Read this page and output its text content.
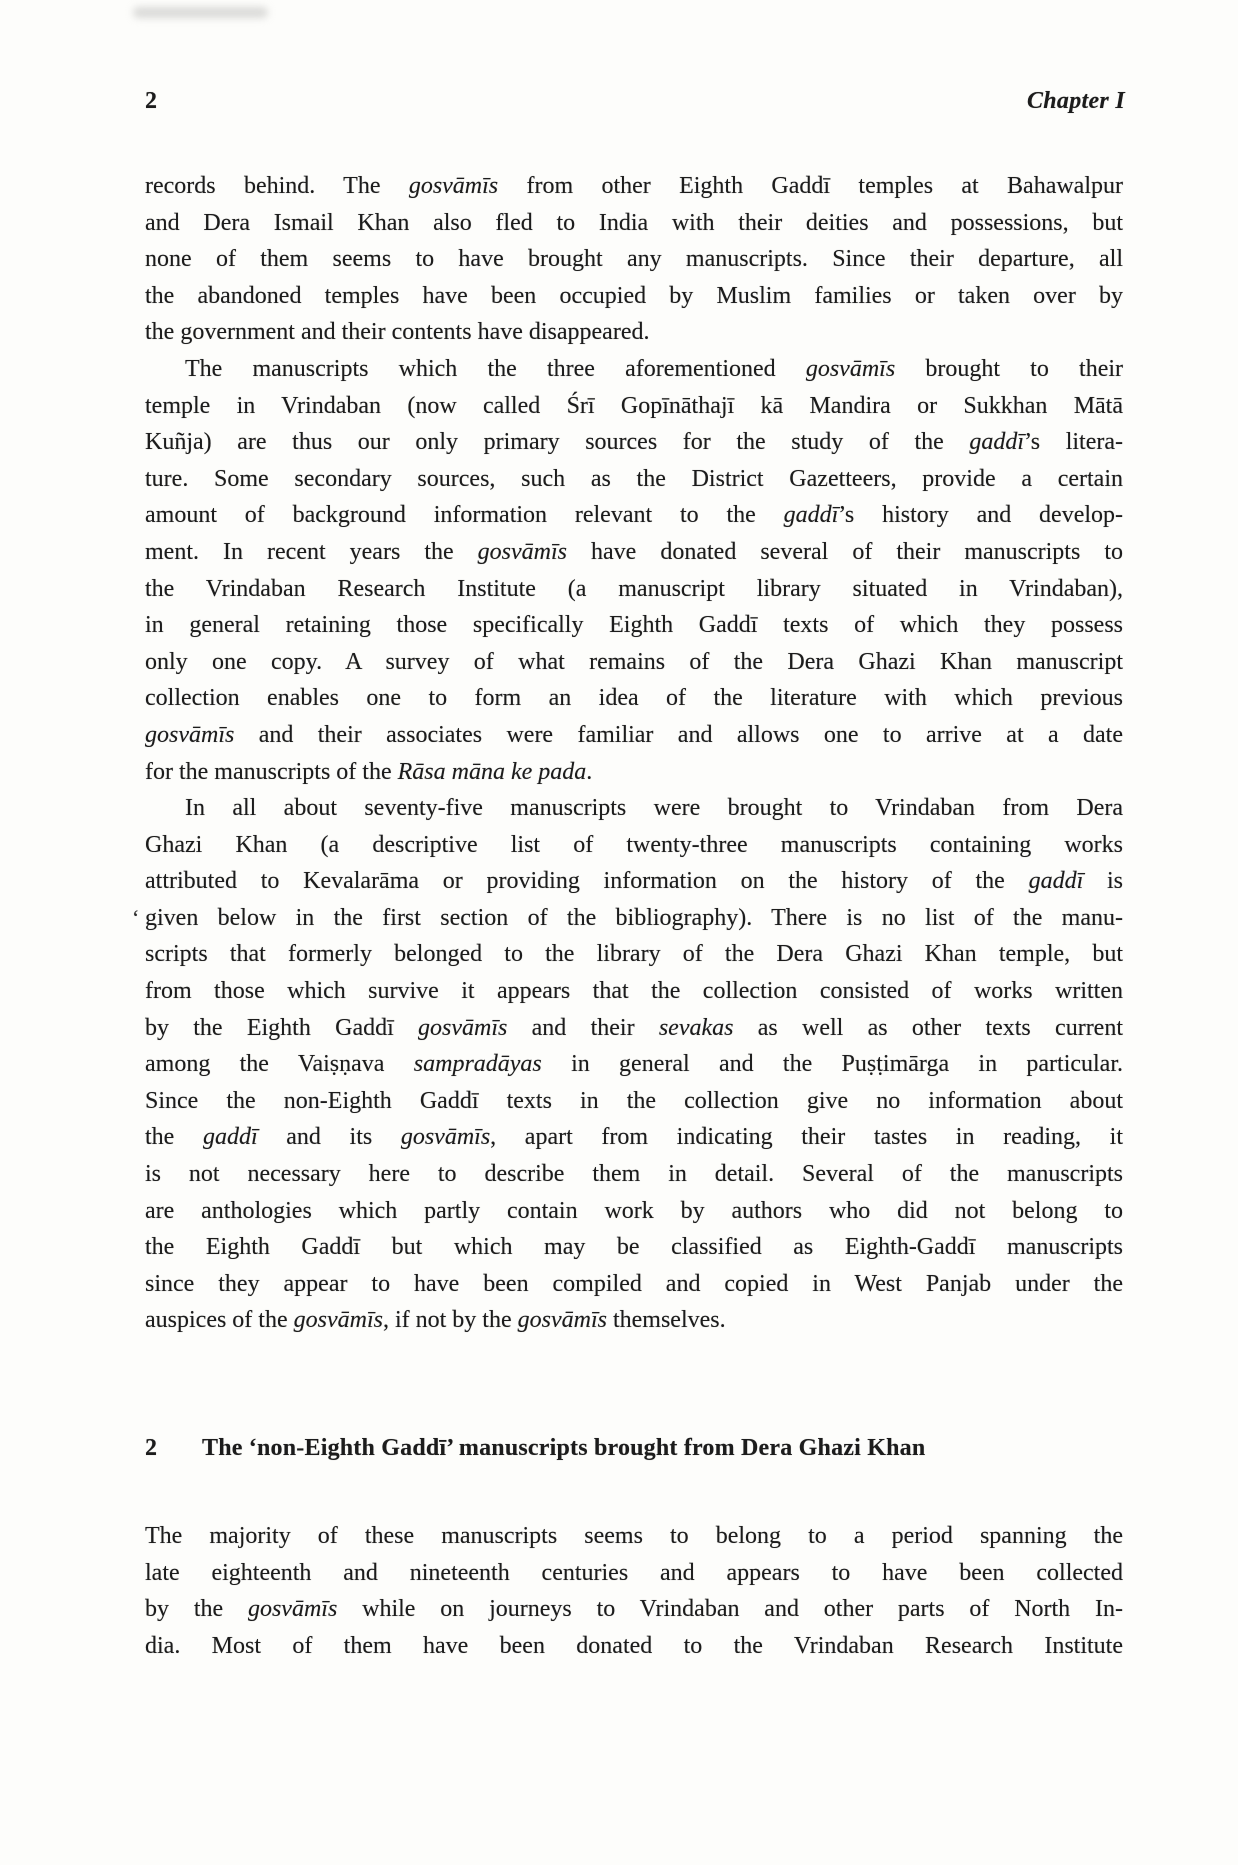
‘
2	Chapter I
records behind. The gosvāmīs from other Eighth Gaddī temples at Bahawalpur
and Dera Ismail Khan also fled to India with their deities and possessions, but
none of them seems to have brought any manuscripts. Since their departure, all
the abandoned temples have been occupied by Muslim families or taken over by
the government and their contents have disappeared.
The manuscripts which the three aforementioned gosvāmīs brought to their
temple in Vrindaban (now called Śrī Gopīnāthajī kā Mandira or Sukkhan Mātā
Kuñja) are thus our only primary sources for the study of the gaddī’s litera-
ture. Some secondary sources, such as the District Gazetteers, provide a certain
amount of background information relevant to the gaddī’s history and develop-
ment. In recent years the gosvāmīs have donated several of their manuscripts to
the Vrindaban Research Institute (a manuscript library situated in Vrindaban),
in general retaining those specifically Eighth Gaddī texts of which they possess
only one copy. A survey of what remains of the Dera Ghazi Khan manuscript
collection enables one to form an idea of the literature with which previous
gosvāmīs and their associates were familiar and allows one to arrive at a date
for the manuscripts of the Rāsa māna ke pada.
In all about seventy-five manuscripts were brought to Vrindaban from Dera
Ghazi Khan (a descriptive list of twenty-three manuscripts containing works
attributed to Kevalarāma or providing information on the history of the gaddī is
given below in the first section of the bibliography). There is no list of the manu-
scripts that formerly belonged to the library of the Dera Ghazi Khan temple, but
from those which survive it appears that the collection consisted of works written
by the Eighth Gaddī gosvāmīs and their sevakas as well as other texts current
among the Vaiṣṇava sampradāyas in general and the Puṣṭimārga in particular.
Since the non-Eighth Gaddī texts in the collection give no information about
the gaddī and its gosvāmīs, apart from indicating their tastes in reading, it
is not necessary here to describe them in detail. Several of the manuscripts
are anthologies which partly contain work by authors who did not belong to
the Eighth Gaddī but which may be classified as Eighth-Gaddī manuscripts
since they appear to have been compiled and copied in West Panjab under the
auspices of the gosvāmīs, if not by the gosvāmīs themselves.
2	The ‘non-Eighth Gaddī’ manuscripts brought from Dera Ghazi Khan
The majority of these manuscripts seems to belong to a period spanning the
late eighteenth and nineteenth centuries and appears to have been collected
by the gosvāmīs while on journeys to Vrindaban and other parts of North In-
dia. Most of them have been donated to the Vrindaban Research Institute
